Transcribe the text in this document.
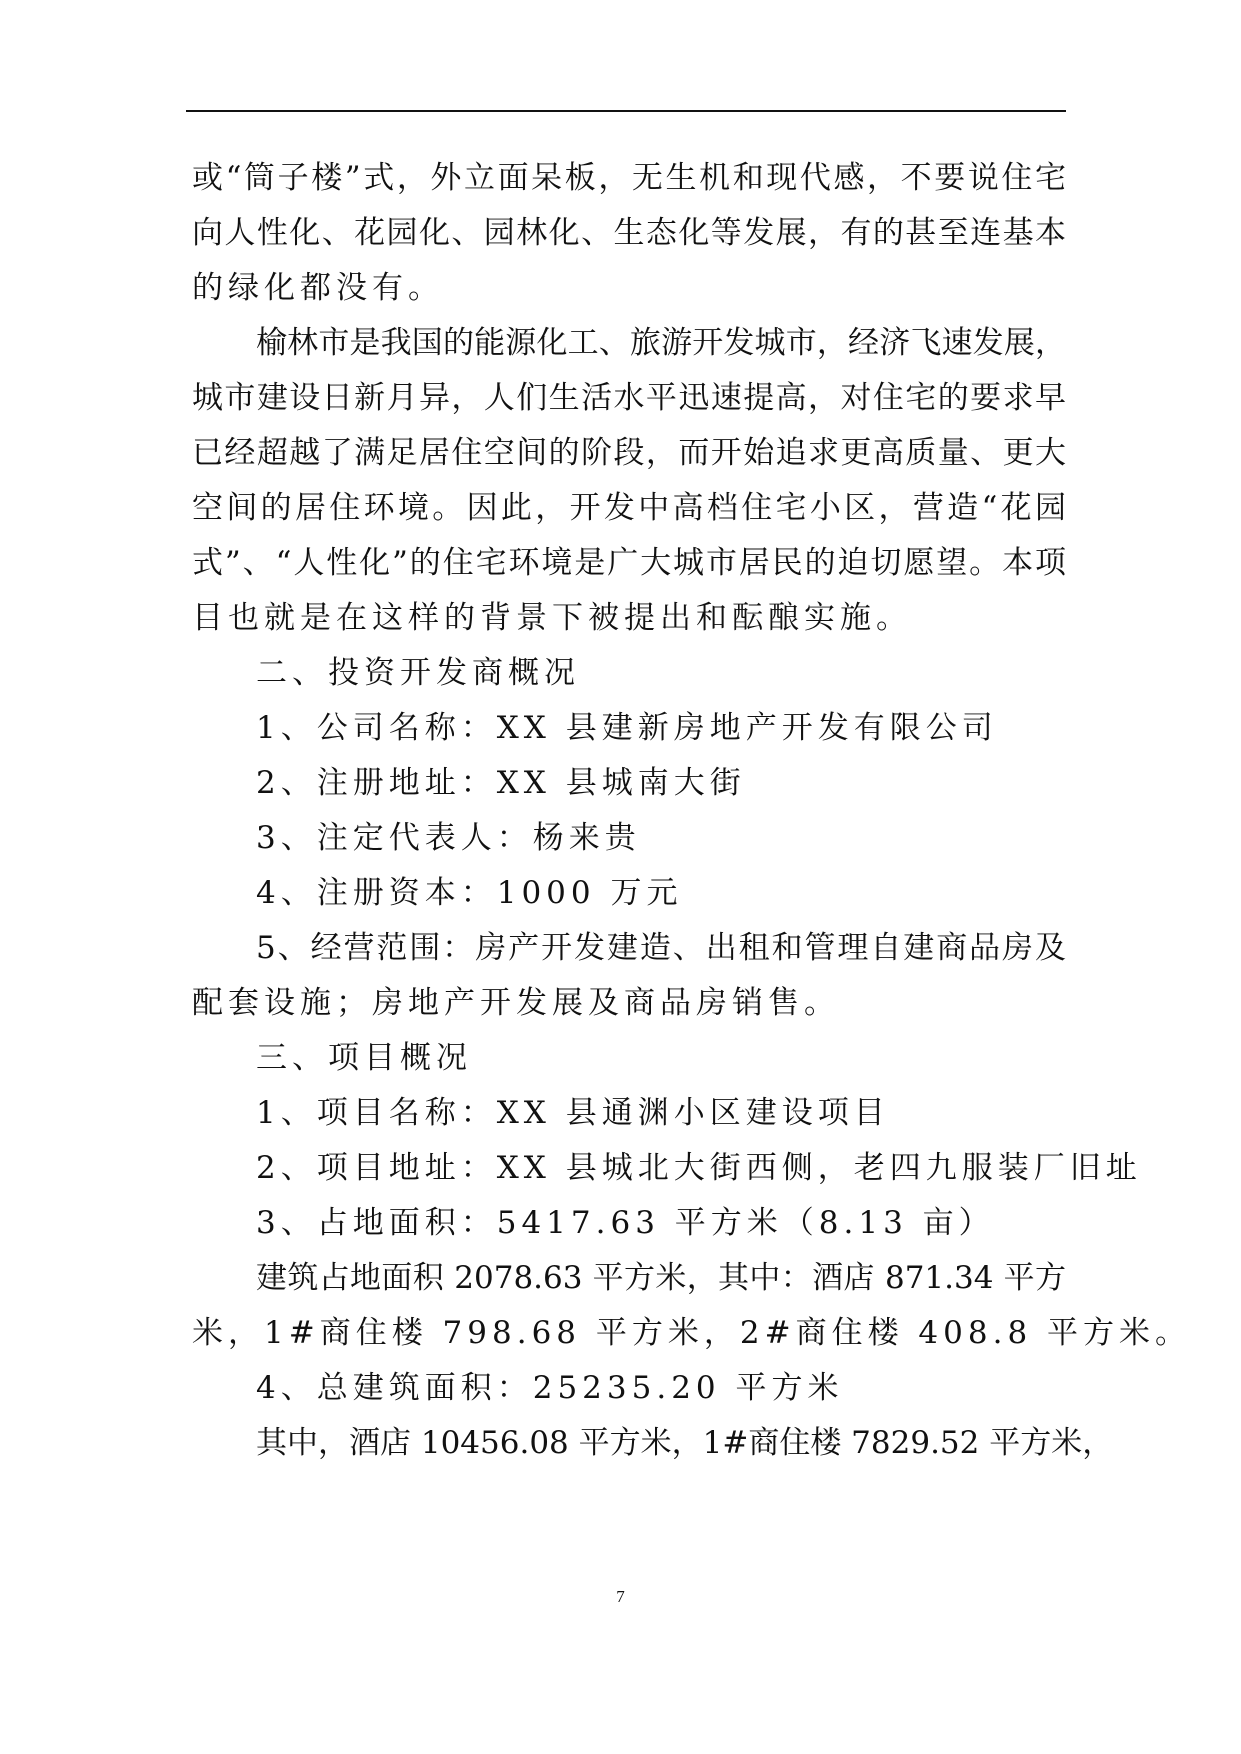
或“筒子楼”式，外立面呆板，无生机和现代感，不要说住宅
向人性化、花园化、园林化、生态化等发展，有的甚至连基本
的绿化都没有。
榆林市是我国的能源化工、旅游开发城市，经济飞速发展，
城市建设日新月异，人们生活水平迅速提高，对住宅的要求早
已经超越了满足居住空间的阶段，而开始追求更高质量、更大
空间的居住环境。因此，开发中高档住宅小区，营造“花园
式”、“人性化”的住宅环境是广大城市居民的迫切愿望。本项
目也就是在这样的背景下被提出和酝酿实施。
二、投资开发商概况
1、公司名称：XX 县建新房地产开发有限公司
2、注册地址：XX 县城南大街
3、注定代表人：杨来贵
4、注册资本：1000 万元
5、经营范围：房产开发建造、出租和管理自建商品房及
配套设施；房地产开发展及商品房销售。
三、项目概况
1、项目名称：XX 县通渊小区建设项目
2、项目地址：XX 县城北大街西侧，老四九服装厂旧址
3、占地面积：5417.63 平方米（8.13 亩）
建筑占地面积 2078.63 平方米，其中：酒店 871.34 平方
米，1#商住楼 798.68 平方米，2#商住楼 408.8 平方米。
4、总建筑面积：25235.20 平方米
其中，酒店 10456.08 平方米，1#商住楼 7829.52 平方米，
7
